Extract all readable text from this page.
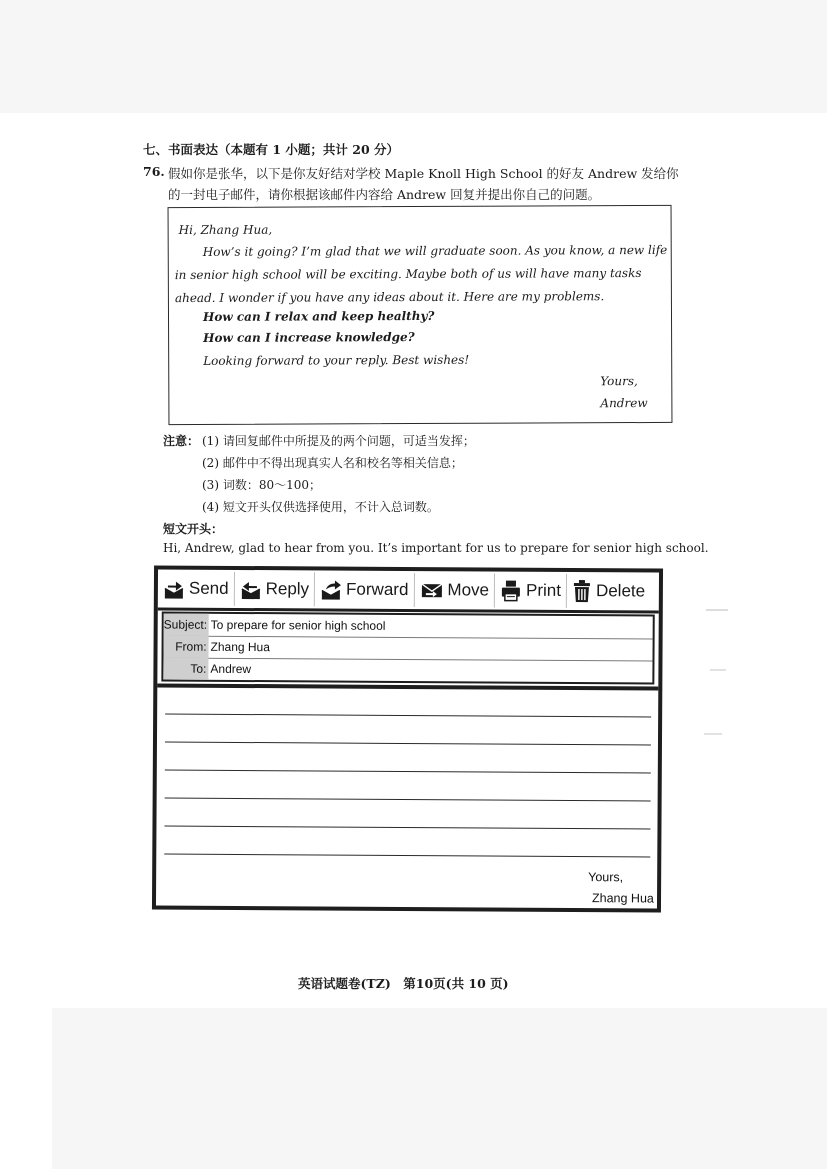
七、书面表达（本题有 1 小题；共计 20 分）
76. 假如你是张华，以下是你友好结对学校 Maple Knoll High School 的好友 Andrew 发给你
的一封电子邮件，请你根据该邮件内容给 Andrew 回复并提出你自己的问题。
Hi, Zhang Hua,
How’s it going? I’m glad that we will graduate soon. As you know, a new life
in senior high school will be exciting. Maybe both of us will have many tasks
ahead. I wonder if you have any ideas about it. Here are my problems.
How can I relax and keep healthy?
How can I increase knowledge?
Looking forward to your reply. Best wishes!
Yours,
Andrew
注意： (1) 请回复邮件中所提及的两个问题，可适当发挥；
(2) 邮件中不得出现真实人名和校名等相关信息；
(3) 词数：80～100；
(4) 短文开头仅供选择使用，不计入总词数。
短文开头：
Hi, Andrew, glad to hear from you. It’s important for us to prepare for senior high school.
Send Reply Forward Move Print Delete
Subject: To prepare for senior high school
From: Zhang Hua
To: Andrew
Yours,
Zhang Hua
英语试题卷(TZ)　第10页(共 10 页)
